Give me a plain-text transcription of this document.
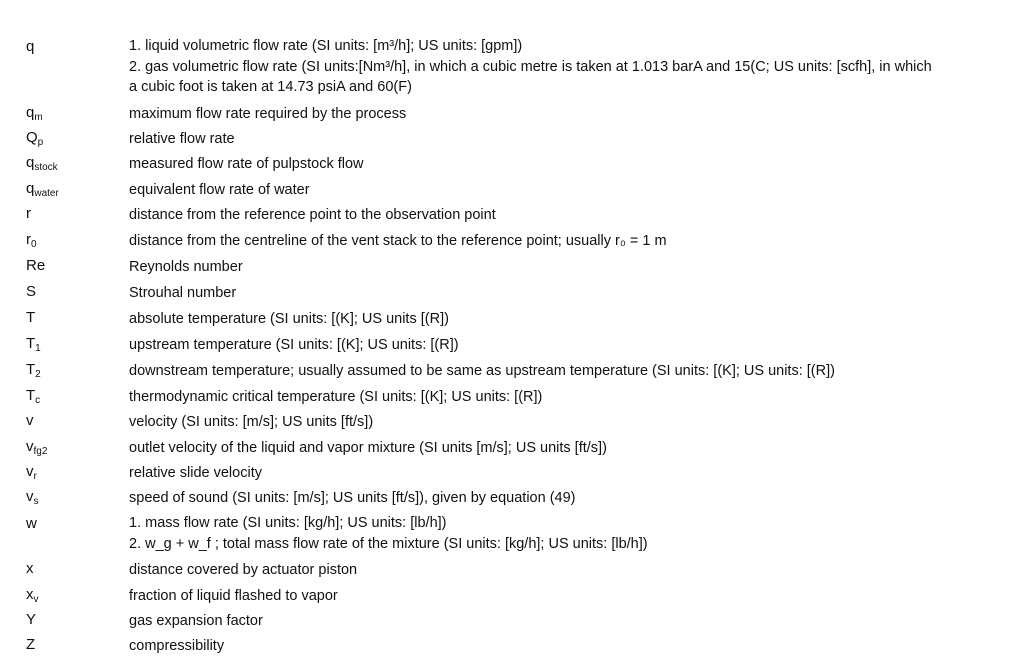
q	1. liquid volumetric flow rate (SI units: [m³/h]; US units: [gpm])
2. gas volumetric flow rate (SI units:[Nm³/h], in which a cubic metre is taken at 1.013 barA and 15(C; US units: [scfh], in which
a cubic foot is taken at 14.73 psiA and 60(F)
$q_m$	maximum flow rate required by the process
$Q_p$	relative flow rate
$q_{stock}$	measured flow rate of pulpstock flow
$q_{water}$	equivalent flow rate of water
r	distance from the reference point to the observation point
$r_0$	distance from the centreline of the vent stack to the reference point; usually r₀ = 1 m
Re	Reynolds number
S	Strouhal number
T	absolute temperature (SI units: [(K]; US units [(R])
$T_1$	upstream temperature (SI units: [(K]; US units: [(R])
$T_2$	downstream temperature; usually assumed to be same as upstream temperature (SI units: [(K]; US units: [(R])
$T_c$	thermodynamic critical temperature (SI units: [(K]; US units: [(R])
v	velocity (SI units: [m/s]; US units [ft/s])
$v_{fg2}$	outlet velocity of the liquid and vapor mixture (SI units [m/s]; US units [ft/s])
$v_r$	relative slide velocity
$v_s$	speed of sound (SI units: [m/s]; US units [ft/s]), given by equation (49)
w	1. mass flow rate (SI units: [kg/h]; US units: [lb/h])
2. w_g + w_f ; total mass flow rate of the mixture (SI units: [kg/h]; US units: [lb/h])
x	distance covered by actuator piston
$x_v$	fraction of liquid flashed to vapor
Y	gas expansion factor
Z	compressibility
